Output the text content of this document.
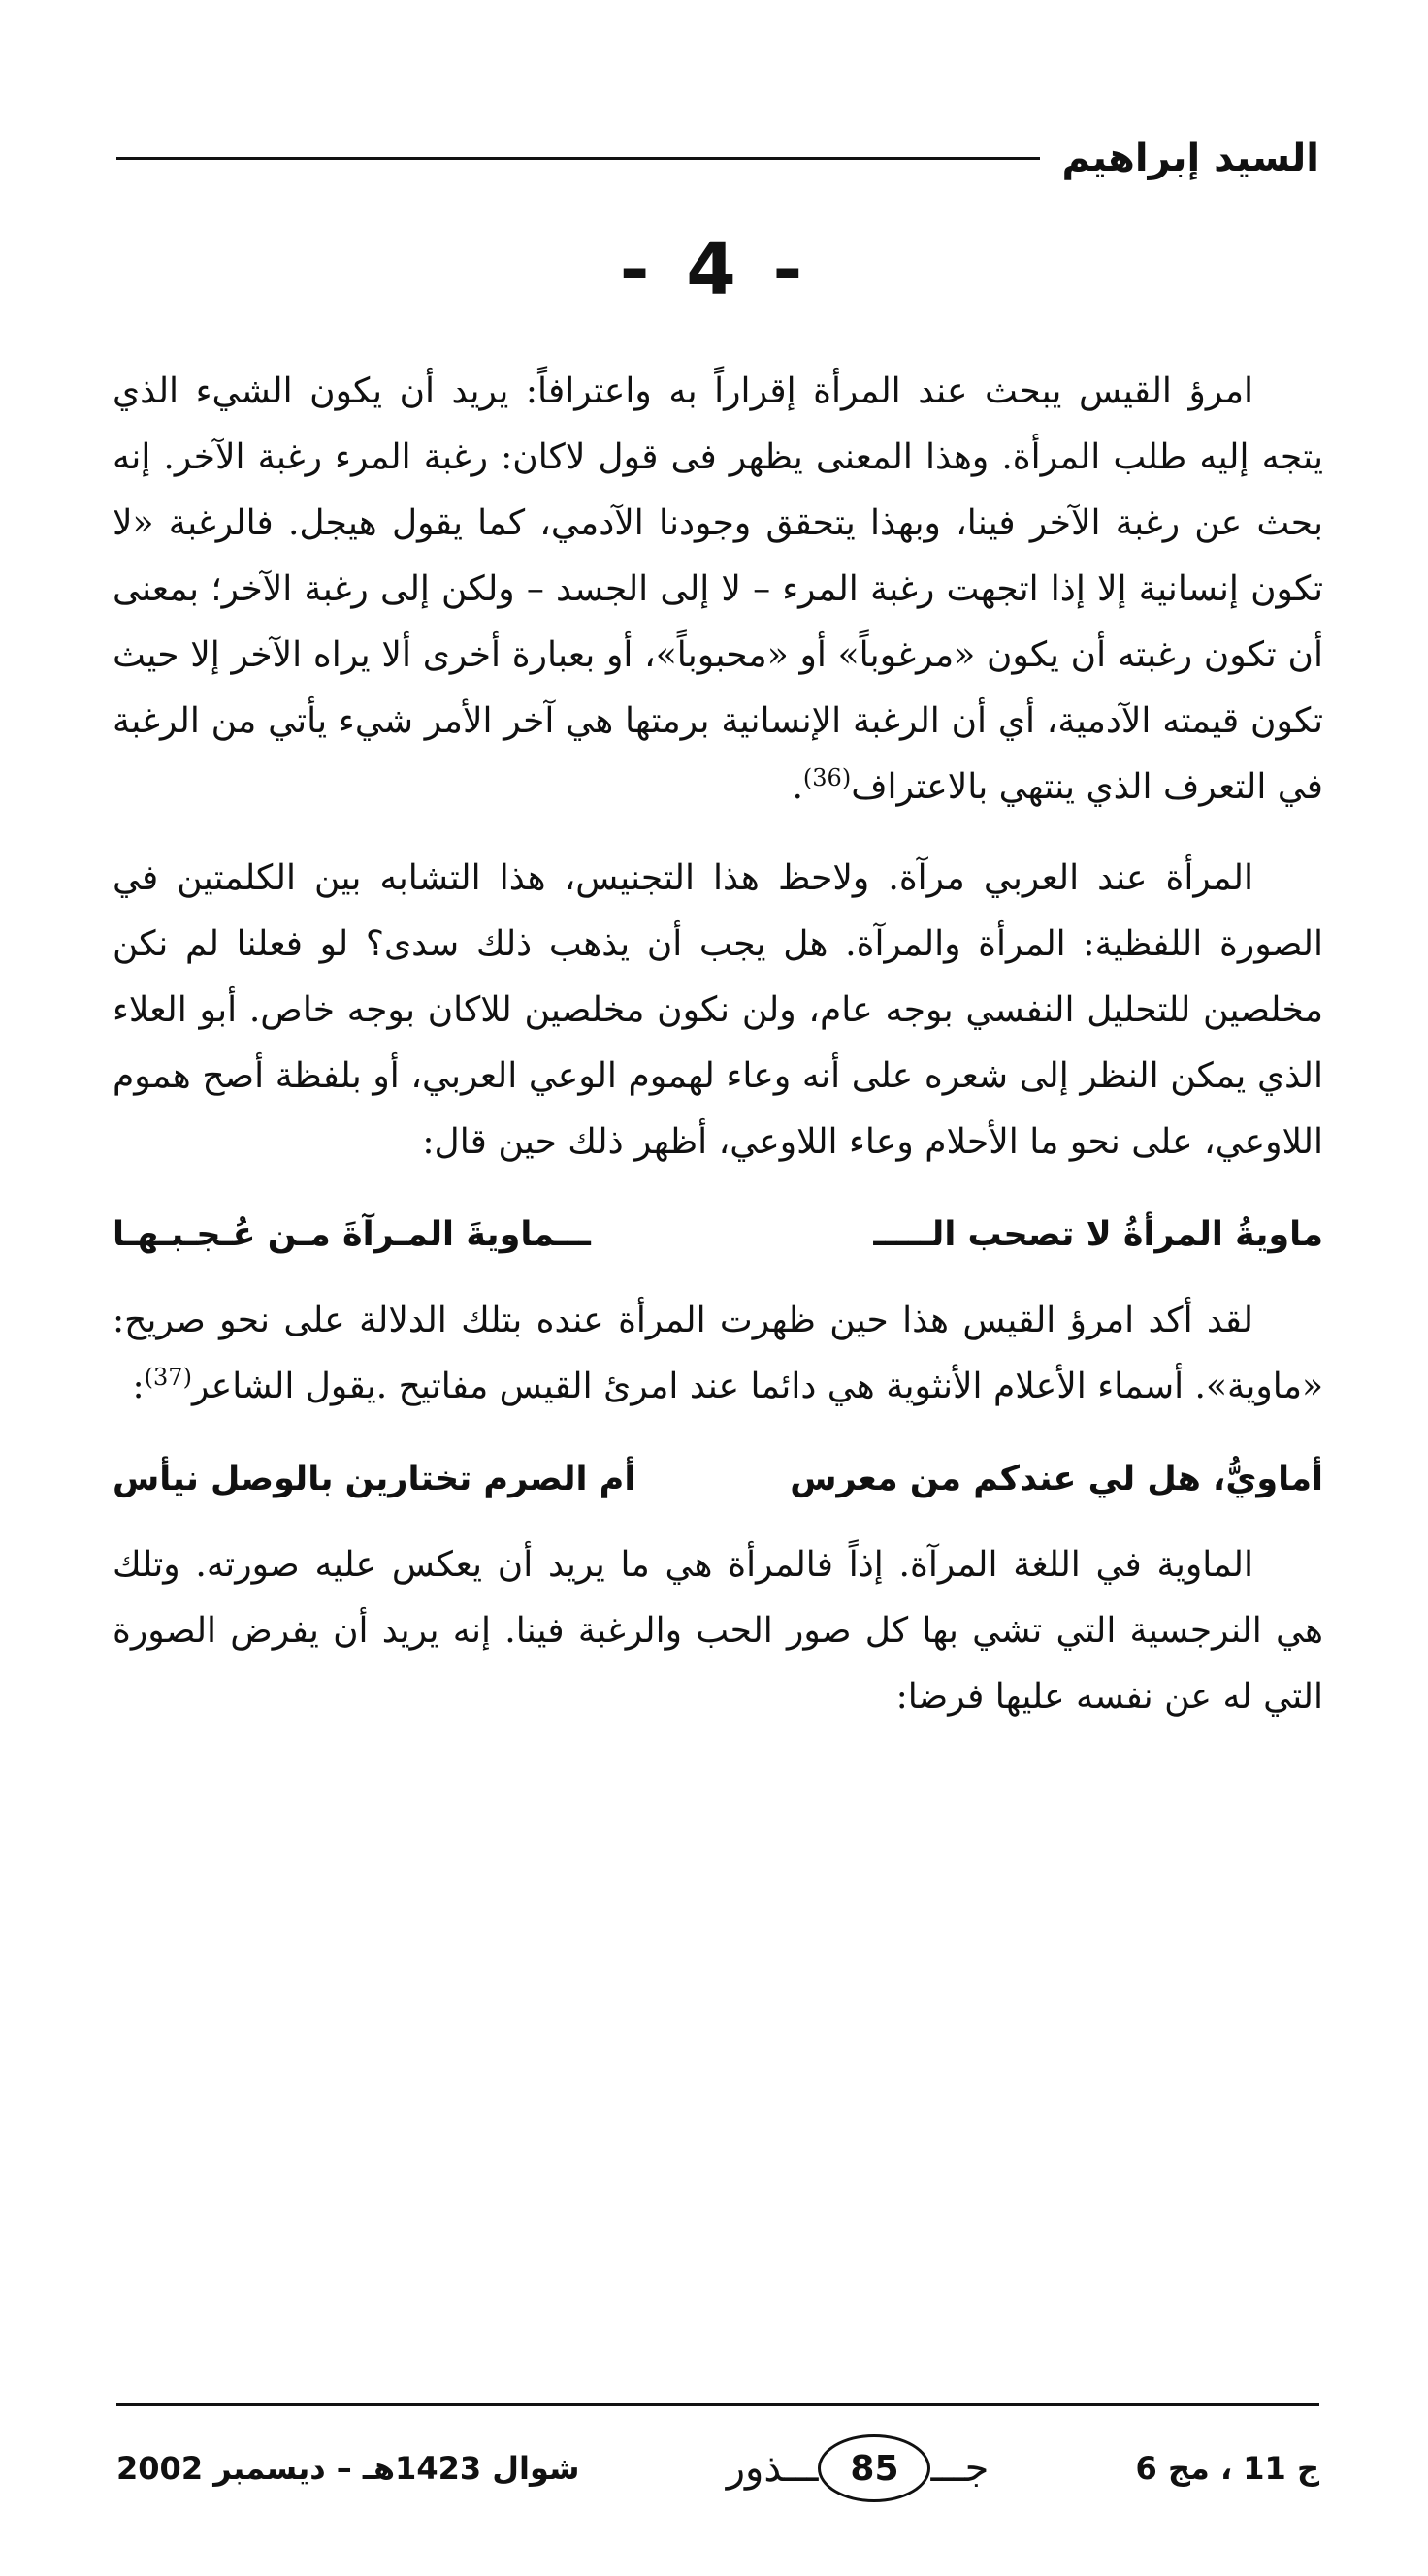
السيد إبراهيم
- 4 -

امرؤ القيس يبحث عند المرأة إقراراً به واعترافاً: يريد أن يكون الشيء الذي يتجه إليه طلب المرأة. وهذا المعنى يظهر فى قول لاكان: رغبة المرء رغبة الآخر. إنه بحث عن رغبة الآخر فينا، وبهذا يتحقق وجودنا الآدمي، كما يقول هيجل. فالرغبة «لا تكون إنسانية إلا إذا اتجهت رغبة المرء – لا إلى الجسد – ولكن إلى رغبة الآخر؛ بمعنى أن تكون رغبته أن يكون «مرغوباً» أو «محبوباً»، أو بعبارة أخرى ألا يراه الآخر إلا حيث تكون قيمته الآدمية، أي أن الرغبة الإنسانية برمتها هي آخر الأمر شيء يأتي من الرغبة في التعرف الذي ينتهي بالاعتراف$^{(36)}$.

المرأة عند العربي مرآة. ولاحظ هذا التجنيس، هذا التشابه بين الكلمتين في الصورة اللفظية: المرأة والمرآة. هل يجب أن يذهب ذلك سدى؟ لو فعلنا لم نكن مخلصين للتحليل النفسي بوجه عام، ولن نكون مخلصين للاكان بوجه خاص. أبو العلاء الذي يمكن النظر إلى شعره على أنه وعاء لهموم الوعي العربي، أو بلفظة أصح هموم اللاوعي، على نحو ما الأحلام وعاء اللاوعي، أظهر ذلك حين قال:

ماويةُ المرأةُ لا تصحب الـــــ
ـــماويةَ المـرآةَ مـن عُـجـبـهـا

لقد أكد امرؤ القيس هذا حين ظهرت المرأة عنده بتلك الدلالة على نحو صريح: «ماوية». أسماء الأعلام الأنثوية هي دائما عند امرئ القيس مفاتيح .يقول الشاعر$^{(37)}$:

أماويُّ، هل لي عندكم من معرس
أم الصرم تختارين بالوصل نيأس

الماوية في اللغة المرآة. إذاً فالمرأة هي ما يريد أن يعكس عليه صورته. وتلك هي النرجسية التي تشي بها كل صور الحب والرغبة فينا. إنه يريد أن يفرض الصورة التي له عن نفسه عليها فرضا:

ج 11 ، مج 6
جـــ
85
ـــذور
شوال 1423هـ – ديسمبر 2002
